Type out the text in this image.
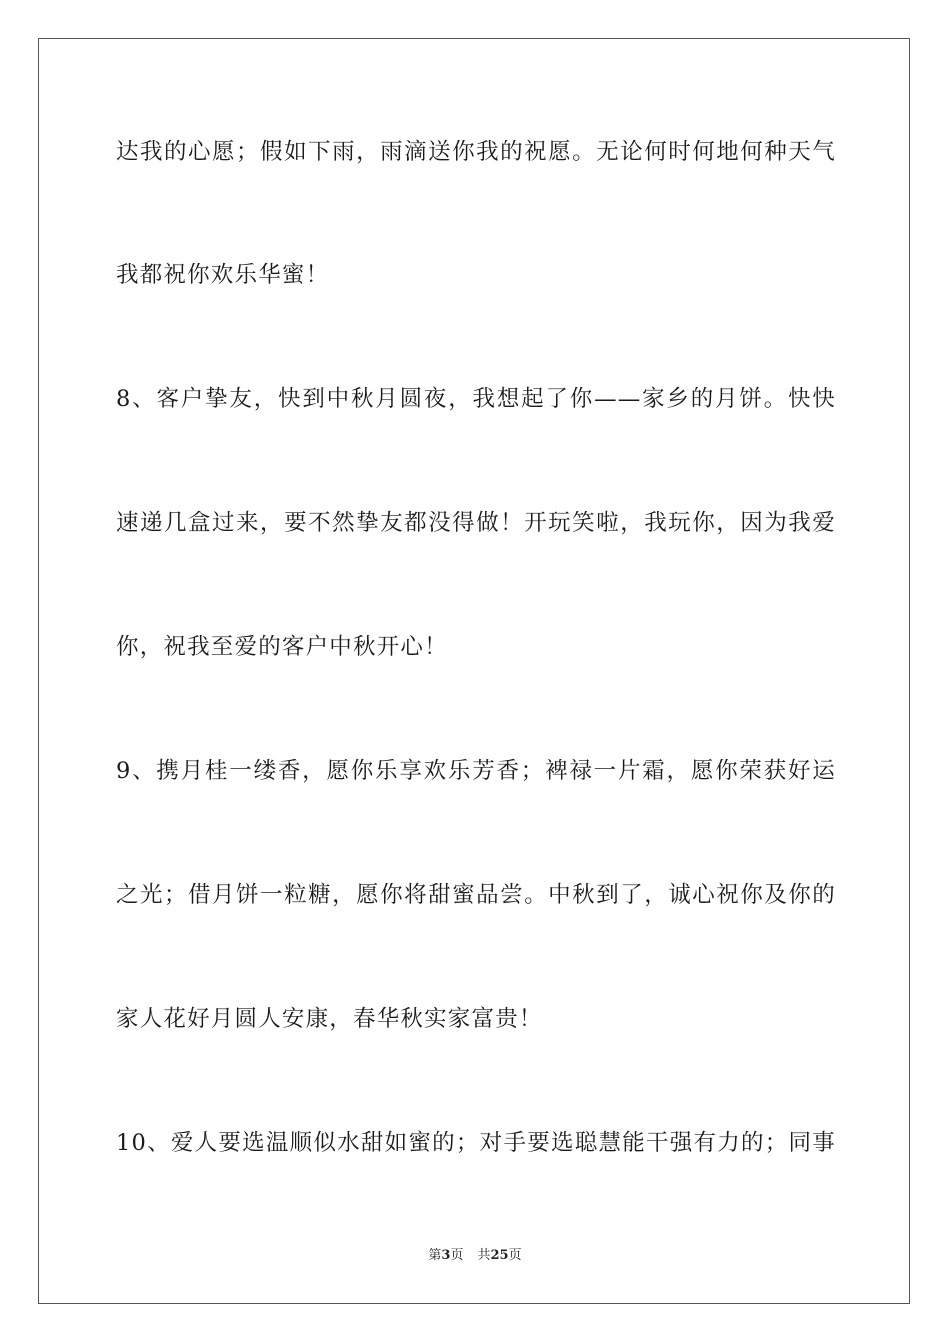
达我的心愿；假如下雨，雨滴送你我的祝愿。无论何时何地何种天气
我都祝你欢乐华蜜！
8、客户挚友，快到中秋月圆夜，我想起了你——家乡的月饼。快快
速递几盒过来，要不然挚友都没得做！开玩笑啦，我玩你，因为我爱
你，祝我至爱的客户中秋开心！
9、携月桂一缕香，愿你乐享欢乐芳香；裨禄一片霜，愿你荣获好运
之光；借月饼一粒糖，愿你将甜蜜品尝。中秋到了，诚心祝你及你的
家人花好月圆人安康，春华秋实家富贵！
10、爱人要选温顺似水甜如蜜的；对手要选聪慧能干强有力的；同事
第3页 共25页
